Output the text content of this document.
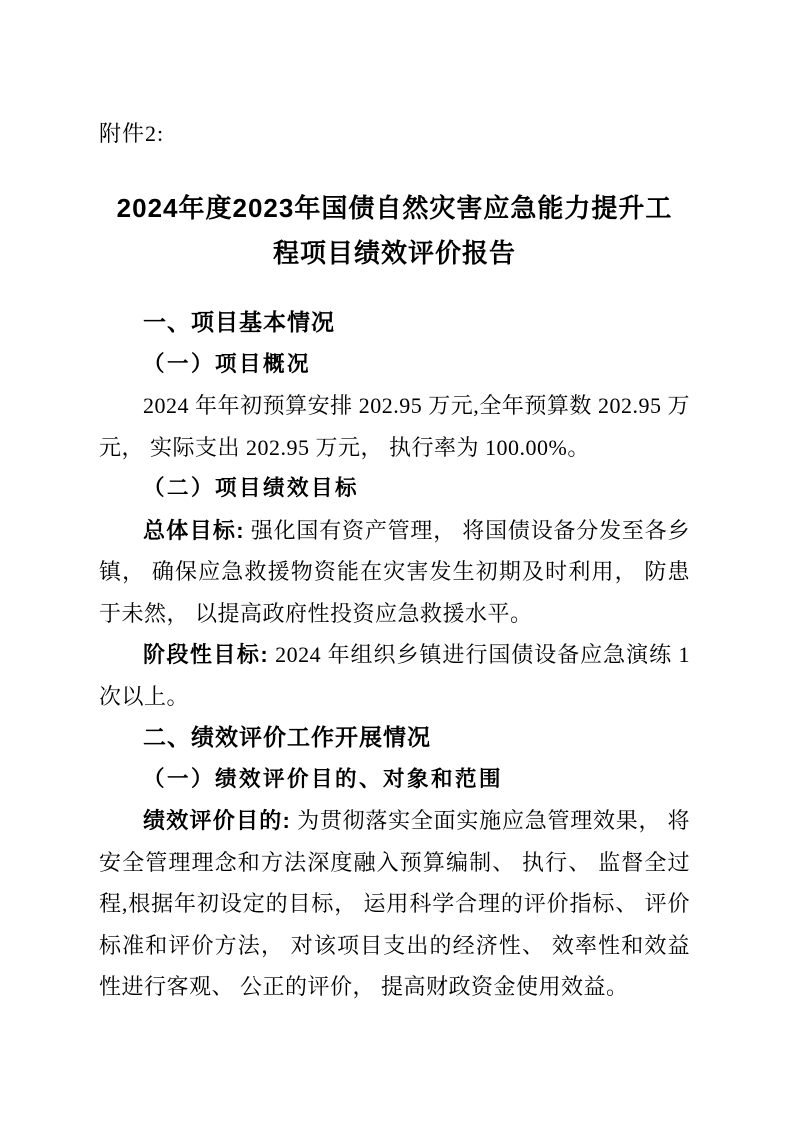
附件2:
2024年度2023年国债自然灾害应急能力提升工
程项目绩效评价报告
一、项目基本情况
（一）项目概况

2024 年年初预算安排 202.95 万元,全年预算数 202.95 万元， 实际支出 202.95 万元， 执行率为 100.00%。

（二）项目绩效目标

总体目标: 强化国有资产管理， 将国债设备分发至各乡镇， 确保应急救援物资能在灾害发生初期及时利用， 防患于未然， 以提高政府性投资应急救援水平。

阶段性目标: 2024 年组织乡镇进行国债设备应急演练 1 次以上。

二、绩效评价工作开展情况
（一）绩效评价目的、对象和范围

绩效评价目的: 为贯彻落实全面实施应急管理效果， 将安全管理理念和方法深度融入预算编制、 执行、 监督全过程,根据年初设定的目标， 运用科学合理的评价指标、 评价标准和评价方法， 对该项目支出的经济性、 效率性和效益性进行客观、 公正的评价， 提高财政资金使用效益。
